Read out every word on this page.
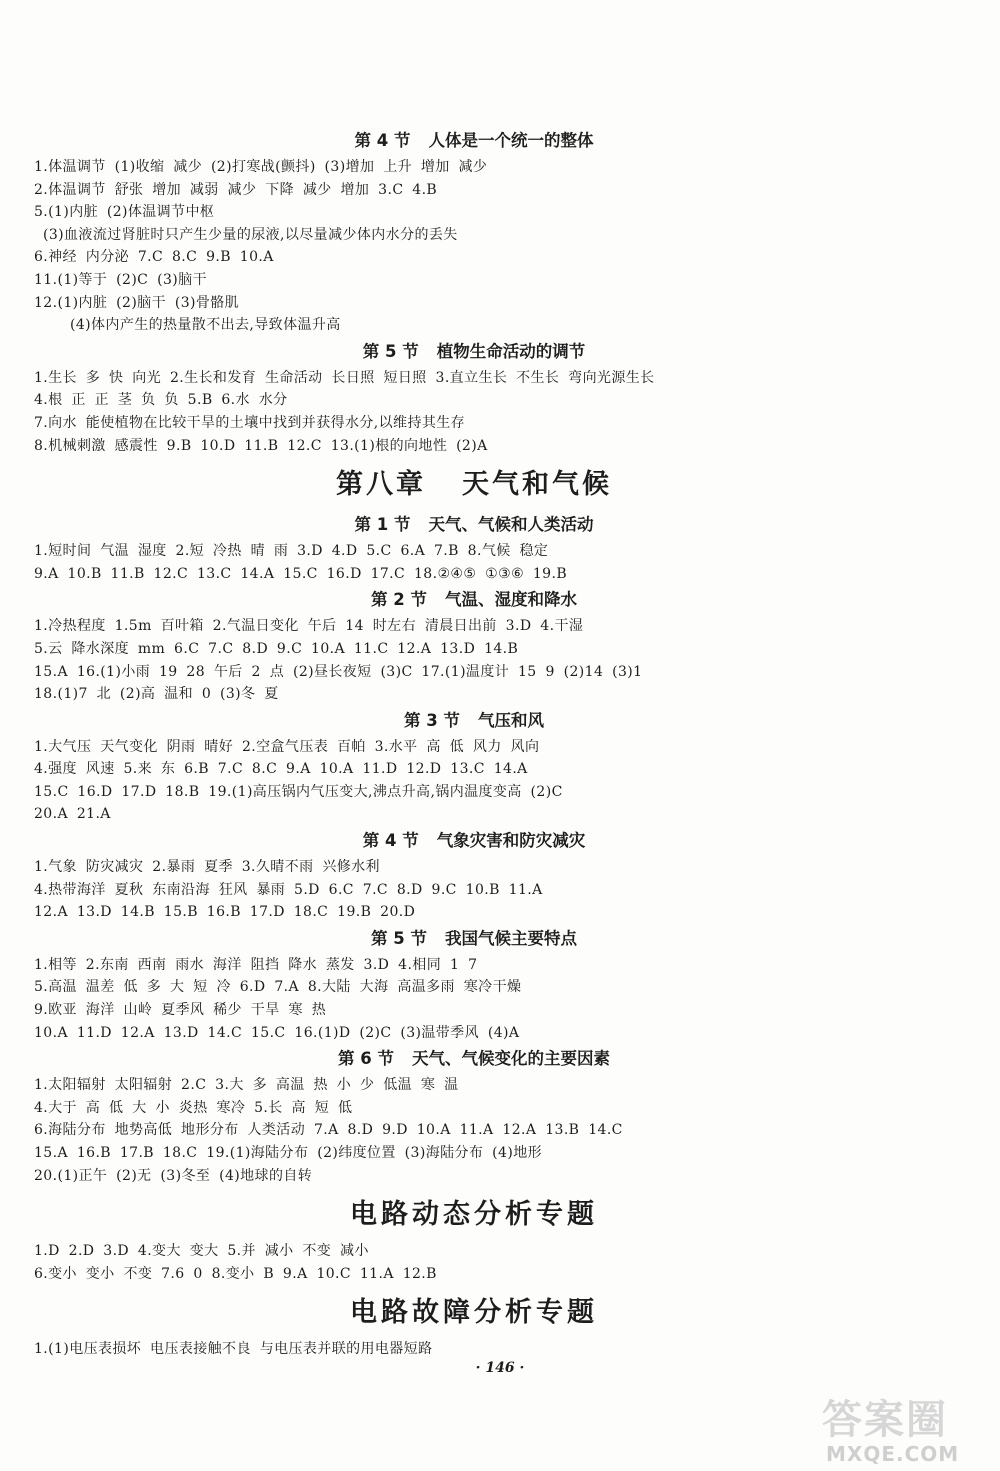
第 4 节 人体是一个统一的整体
1.体温调节 (1)收缩 减少 (2)打寒战(颤抖) (3)增加 上升 增加 减少
2.体温调节 舒张 增加 减弱 减少 下降 减少 增加 3.C 4.B
5.(1)内脏 (2)体温调节中枢
(3)血液流过肾脏时只产生少量的尿液,以尽量减少体内水分的丢失
6.神经 内分泌 7.C 8.C 9.B 10.A
11.(1)等于 (2)C (3)脑干
12.(1)内脏 (2)脑干 (3)骨骼肌
(4)体内产生的热量散不出去,导致体温升高
第 5 节 植物生命活动的调节
1.生长 多 快 向光 2.生长和发育 生命活动 长日照 短日照 3.直立生长 不生长 弯向光源生长
4.根 正 正 茎 负 负 5.B 6.水 水分
7.向水 能使植物在比较干旱的土壤中找到并获得水分,以维持其生存
8.机械刺激 感震性 9.B 10.D 11.B 12.C 13.(1)根的向地性 (2)A
第八章 天气和气候
第 1 节 天气、气候和人类活动
1.短时间 气温 湿度 2.短 冷热 晴 雨 3.D 4.D 5.C 6.A 7.B 8.气候 稳定
9.A 10.B 11.B 12.C 13.C 14.A 15.C 16.D 17.C 18.②④⑤ ①③⑥ 19.B
第 2 节 气温、湿度和降水
1.冷热程度 1.5m 百叶箱 2.气温日变化 午后 14 时左右 清晨日出前 3.D 4.干湿
5.云 降水深度 mm 6.C 7.C 8.D 9.C 10.A 11.C 12.A 13.D 14.B
15.A 16.(1)小雨 19 28 午后 2 点 (2)昼长夜短 (3)C 17.(1)温度计 15 9 (2)14 (3)1
18.(1)7 北 (2)高 温和 0 (3)冬 夏
第 3 节 气压和风
1.大气压 天气变化 阴雨 晴好 2.空盒气压表 百帕 3.水平 高 低 风力 风向
4.强度 风速 5.来 东 6.B 7.C 8.C 9.A 10.A 11.D 12.D 13.C 14.A
15.C 16.D 17.D 18.B 19.(1)高压锅内气压变大,沸点升高,锅内温度变高 (2)C
20.A 21.A
第 4 节 气象灾害和防灾减灾
1.气象 防灾减灾 2.暴雨 夏季 3.久晴不雨 兴修水利
4.热带海洋 夏秋 东南沿海 狂风 暴雨 5.D 6.C 7.C 8.D 9.C 10.B 11.A
12.A 13.D 14.B 15.B 16.B 17.D 18.C 19.B 20.D
第 5 节 我国气候主要特点
1.相等 2.东南 西南 雨水 海洋 阻挡 降水 蒸发 3.D 4.相同 1 7
5.高温 温差 低 多 大 短 冷 6.D 7.A 8.大陆 大海 高温多雨 寒冷干燥
9.欧亚 海洋 山岭 夏季风 稀少 干旱 寒 热
10.A 11.D 12.A 13.D 14.C 15.C 16.(1)D (2)C (3)温带季风 (4)A
第 6 节 天气、气候变化的主要因素
1.太阳辐射 太阳辐射 2.C 3.大 多 高温 热 小 少 低温 寒 温
4.大于 高 低 大 小 炎热 寒冷 5.长 高 短 低
6.海陆分布 地势高低 地形分布 人类活动 7.A 8.D 9.D 10.A 11.A 12.A 13.B 14.C
15.A 16.B 17.B 18.C 19.(1)海陆分布 (2)纬度位置 (3)海陆分布 (4)地形
20.(1)正午 (2)无 (3)冬至 (4)地球的自转
电路动态分析专题
1.D 2.D 3.D 4.变大 变大 5.并 减小 不变 减小
6.变小 变小 不变 7.6 0 8.变小 B 9.A 10.C 11.A 12.B
电路故障分析专题
1.(1)电压表损坏 电压表接触不良 与电压表并联的用电器短路
· 146 ·
答案圈
MXQE.COM
